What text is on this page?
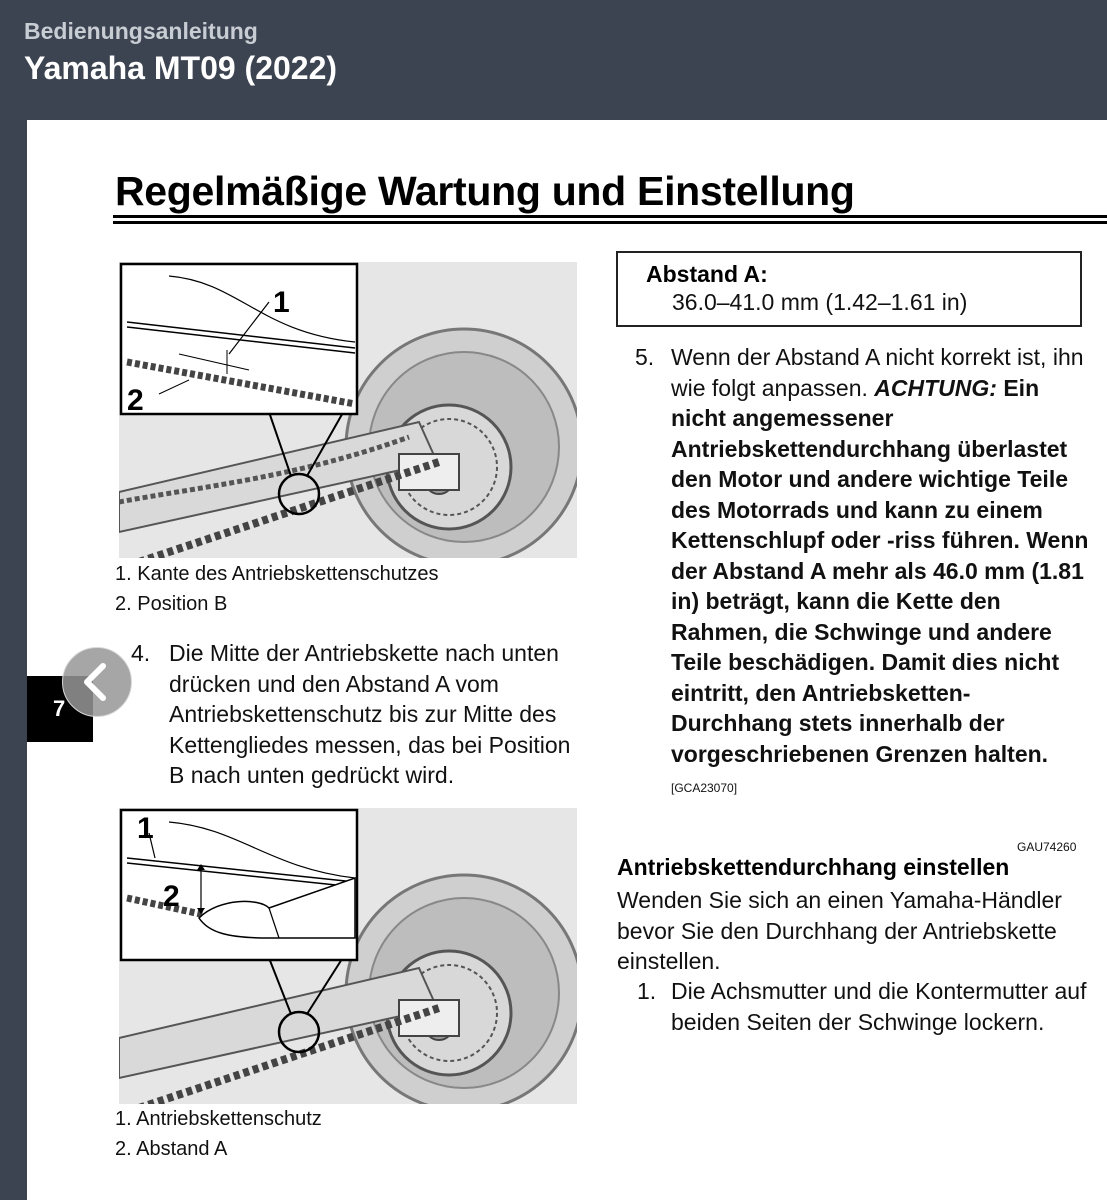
Bedienungsanleitung
Yamaha MT09 (2022)
Regelmäßige Wartung und Einstellung
1
2
1. Kante des Antriebskettenschutzes
2. Position B
4. Die Mitte der Antriebskette nach unten drücken und den Abstand A vom Antriebskettenschutz bis zur Mitte des Kettengliedes messen, das bei Position B nach unten gedrückt wird.
1
2
1. Antriebskettenschutz
2. Abstand A
Abstand A:
36.0–41.0 mm (1.42–1.61 in)
5. Wenn der Abstand A nicht korrekt ist, ihn wie folgt anpassen. ACHTUNG: Ein nicht angemessener Antriebskettendurchhang überlastet den Motor und andere wichtige Teile des Motorrads und kann zu einem Kettenschlupf oder -riss führen. Wenn der Abstand A mehr als 46.0 mm (1.81 in) beträgt, kann die Kette den Rahmen, die Schwinge und andere Teile beschädigen. Damit dies nicht eintritt, den Antriebsketten-Durchhang stets innerhalb der vorgeschriebenen Grenzen halten. [GCA23070]
GAU74260
Antriebskettendurchhang einstellen
Wenden Sie sich an einen Yamaha-Händler bevor Sie den Durchhang der Antriebskette einstellen.
1. Die Achsmutter und die Kontermutter auf beiden Seiten der Schwinge lockern.
7
